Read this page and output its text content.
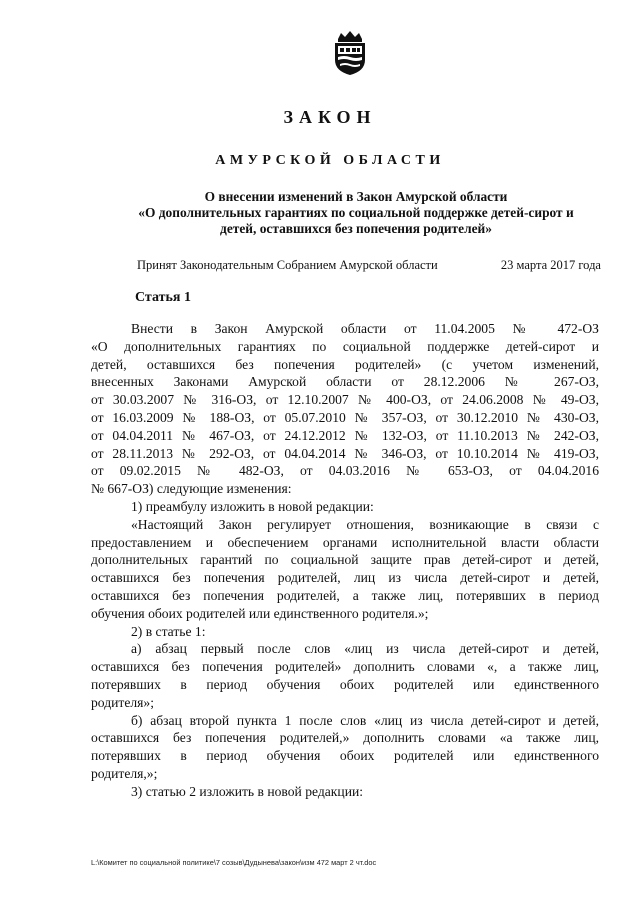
ЗАКОН
АМУРСКОЙ ОБЛАСТИ
О внесении изменений в Закон Амурской области
«О дополнительных гарантиях по социальной поддержке детей-сирот и
детей, оставшихся без попечения родителей»
Принят Законодательным Собранием Амурской области	23 марта 2017 года
Статья 1

Внести в Закон Амурской области от 11.04.2005 № 472-ОЗ

«О дополнительных гарантиях по социальной поддержке детей-сирот и

детей, оставшихся без попечения родителей» (с учетом изменений,

внесенных Законами Амурской области от 28.12.2006 № 267-ОЗ,

от 30.03.2007 № 316-ОЗ, от 12.10.2007 № 400-ОЗ, от 24.06.2008 № 49-ОЗ,

от 16.03.2009 № 188-ОЗ, от 05.07.2010 № 357-ОЗ, от 30.12.2010 № 430-ОЗ,

от 04.04.2011 № 467-ОЗ, от 24.12.2012 № 132-ОЗ, от 11.10.2013 № 242-ОЗ,

от 28.11.2013 № 292-ОЗ, от 04.04.2014 № 346-ОЗ, от 10.10.2014 № 419-ОЗ,

от 09.02.2015 № 482-ОЗ, от 04.03.2016 № 653-ОЗ, от 04.04.2016

№ 667-ОЗ) следующие изменения:

1) преамбулу изложить в новой редакции:

«Настоящий Закон регулирует отношения, возникающие в связи с

предоставлением и обеспечением органами исполнительной власти области

дополнительных гарантий по социальной защите прав детей-сирот и детей,

оставшихся без попечения родителей, лиц из числа детей-сирот и детей,

оставшихся без попечения родителей, а также лиц, потерявших в период

обучения обоих родителей или единственного родителя.»;

2) в статье 1:

а) абзац первый после слов «лиц из числа детей-сирот и детей,

оставшихся без попечения родителей» дополнить словами «, а также лиц,

потерявших в период обучения обоих родителей или единственного

родителя»;

б) абзац второй пункта 1 после слов «лиц из числа детей-сирот и детей,

оставшихся без попечения родителей,» дополнить словами «а также лиц,

потерявших в период обучения обоих родителей или единственного

родителя,»;

3) статью 2 изложить в новой редакции:

L:\Комитет по социальной политике\7 созыв\Дудынева\закон\изм 472 март 2 чт.doc
